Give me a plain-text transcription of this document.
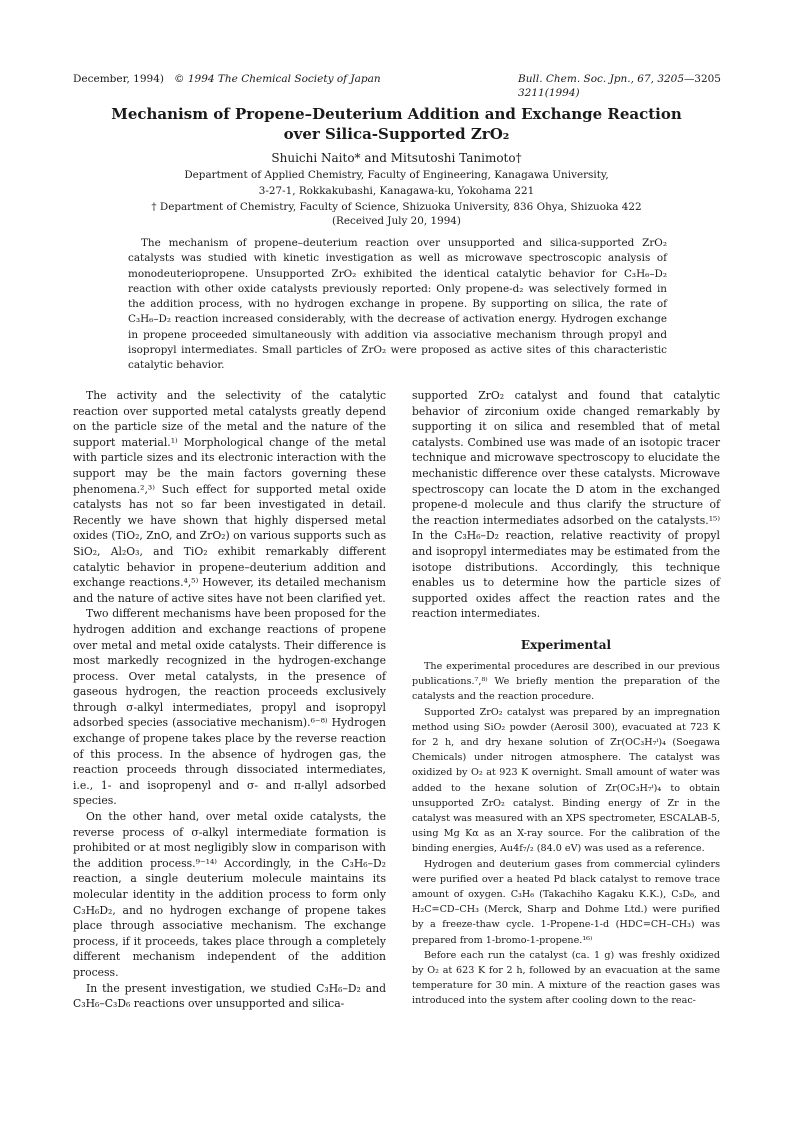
December, 1994) © 1994 The Chemical Society of Japan	Bull. Chem. Soc. Jpn., 67, 3205—3211(1994)
3205
Mechanism of Propene–Deuterium Addition and Exchange Reaction
over Silica-Supported ZrO₂
Shuichi Naito* and Mitsutoshi Tanimoto†
Department of Applied Chemistry, Faculty of Engineering, Kanagawa University,
3-27-1, Rokkakubashi, Kanagawa-ku, Yokohama 221
† Department of Chemistry, Faculty of Science, Shizuoka University, 836 Ohya, Shizuoka 422
(Received July 20, 1994)
The mechanism of propene–deuterium reaction over unsupported and silica-supported ZrO₂ catalysts was studied with kinetic investigation as well as microwave spectroscopic analysis of monodeuteriopropene. Unsupported ZrO₂ exhibited the identical catalytic behavior for C₃H₆–D₂ reaction with other oxide catalysts previously reported: Only propene-d₂ was selectively formed in the addition process, with no hydrogen exchange in propene. By supporting on silica, the rate of C₃H₆–D₂ reaction increased considerably, with the decrease of activation energy. Hydrogen exchange in propene proceeded simultaneously with addition via associative mechanism through propyl and isopropyl intermediates. Small particles of ZrO₂ were proposed as active sites of this characteristic catalytic behavior.

The activity and the selectivity of the catalytic reaction over supported metal catalysts greatly depend on the particle size of the metal and the nature of the support material.¹⁾ Morphological change of the metal with particle sizes and its electronic interaction with the support may be the main factors governing these phenomena.²,³⁾ Such effect for supported metal oxide catalysts has not so far been investigated in detail. Recently we have shown that highly dispersed metal oxides (TiO₂, ZnO, and ZrO₂) on various supports such as SiO₂, Al₂O₃, and TiO₂ exhibit remarkably different catalytic behavior in propene–deuterium addition and exchange reactions.⁴,⁵⁾ However, its detailed mechanism and the nature of active sites have not been clarified yet.

Two different mechanisms have been proposed for the hydrogen addition and exchange reactions of propene over metal and metal oxide catalysts. Their difference is most markedly recognized in the hydrogen-exchange process. Over metal catalysts, in the presence of gaseous hydrogen, the reaction proceeds exclusively through σ-alkyl intermediates, propyl and isopropyl adsorbed species (associative mechanism).⁶⁻⁸⁾ Hydrogen exchange of propene takes place by the reverse reaction of this process. In the absence of hydrogen gas, the reaction proceeds through dissociated intermediates, i.e., 1- and isopropenyl and σ- and π-allyl adsorbed species.

On the other hand, over metal oxide catalysts, the reverse process of σ-alkyl intermediate formation is prohibited or at most negligibly slow in comparison with the addition process.⁹⁻¹⁴⁾ Accordingly, in the C₃H₆–D₂ reaction, a single deuterium molecule maintains its molecular identity in the addition process to form only C₃H₆D₂, and no hydrogen exchange of propene takes place through associative mechanism. The exchange process, if it proceeds, takes place through a completely different mechanism independent of the addition process.

In the present investigation, we studied C₃H₆–D₂ and C₃H₆–C₃D₆ reactions over unsupported and silica-

supported ZrO₂ catalyst and found that catalytic behavior of zirconium oxide changed remarkably by supporting it on silica and resembled that of metal catalysts. Combined use was made of an isotopic tracer technique and microwave spectroscopy to elucidate the mechanistic difference over these catalysts. Microwave spectroscopy can locate the D atom in the exchanged propene-d molecule and thus clarify the structure of the reaction intermediates adsorbed on the catalysts.¹⁵⁾ In the C₃H₆–D₂ reaction, relative reactivity of propyl and isopropyl intermediates may be estimated from the isotope distributions. Accordingly, this technique enables us to determine how the particle sizes of supported oxides affect the reaction rates and the reaction intermediates.

Experimental

The experimental procedures are described in our previous publications.⁷,⁸⁾ We briefly mention the preparation of the catalysts and the reaction procedure.

Supported ZrO₂ catalyst was prepared by an impregnation method using SiO₂ powder (Aerosil 300), evacuated at 723 K for 2 h, and dry hexane solution of Zr(OC₃H₇ⁱ)₄ (Soegawa Chemicals) under nitrogen atmosphere. The catalyst was oxidized by O₂ at 923 K overnight. Small amount of water was added to the hexane solution of Zr(OC₃H₇ⁱ)₄ to obtain unsupported ZrO₂ catalyst. Binding energy of Zr in the catalyst was measured with an XPS spectrometer, ESCALAB-5, using Mg Kα as an X-ray source. For the calibration of the binding energies, Au4f₇/₂ (84.0 eV) was used as a reference.

Hydrogen and deuterium gases from commercial cylinders were purified over a heated Pd black catalyst to remove trace amount of oxygen. C₃H₆ (Takachiho Kagaku K.K.), C₃D₆, and H₂C=CD–CH₃ (Merck, Sharp and Dohme Ltd.) were purified by a freeze-thaw cycle. 1-Propene-1-d (HDC=CH–CH₃) was prepared from 1-bromo-1-propene.¹⁶⁾

Before each run the catalyst (ca. 1 g) was freshly oxidized by O₂ at 623 K for 2 h, followed by an evacuation at the same temperature for 30 min. A mixture of the reaction gases was introduced into the system after cooling down to the reac-
